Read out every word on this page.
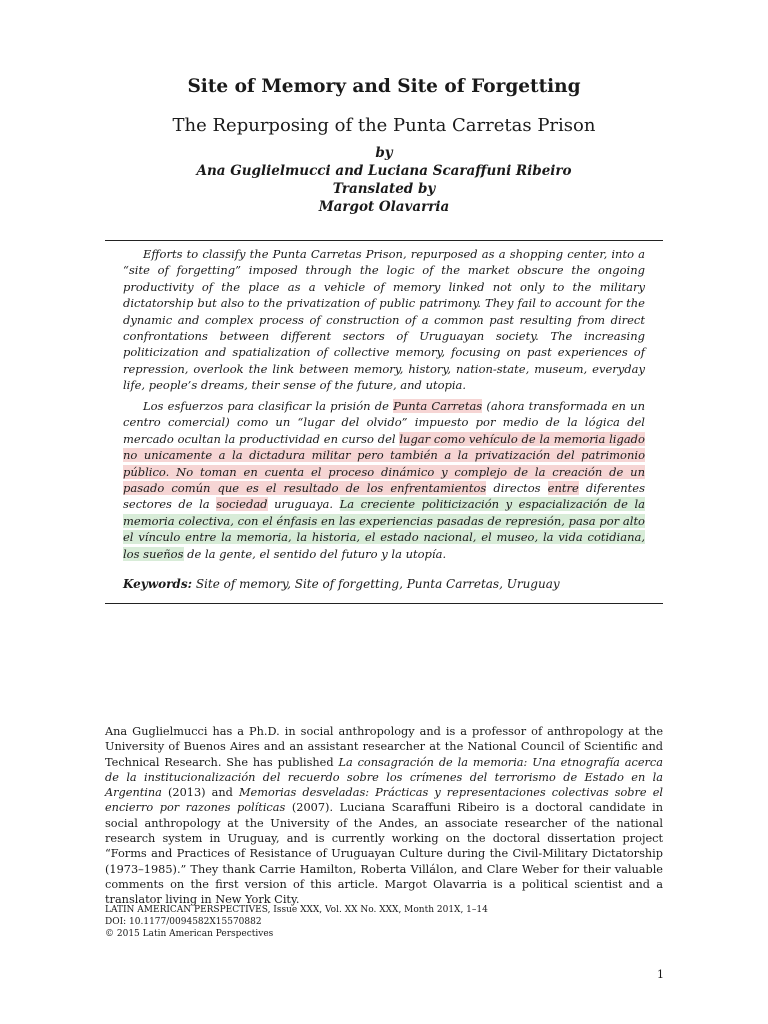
Site of Memory and Site of Forgetting
The Repurposing of the Punta Carretas Prison
by
Ana Guglielmucci and Luciana Scaraffuni Ribeiro
Translated by
Margot Olavarria

Efforts to classify the Punta Carretas Prison, repurposed as a shopping center, into a “site of forgetting” imposed through the logic of the market obscure the ongoing productivity of the place as a vehicle of memory linked not only to the military dictatorship but also to the privatization of public patrimony. They fail to account for the dynamic and complex process of construction of a common past resulting from direct confrontations between different sectors of Uruguayan society. The increasing politicization and spatialization of collective memory, focusing on past experiences of repression, overlook the link between memory, history, nation-state, museum, everyday life, people’s dreams, their sense of the future, and utopia.

Los esfuerzos para clasificar la prisión de Punta Carretas (ahora transformada en un centro comercial) como un “lugar del olvido” impuesto por medio de la lógica del mercado ocultan la productividad en curso del lugar como vehículo de la memoria ligado no unicamente a la dictadura militar pero también a la privatización del patrimonio público. No toman en cuenta el proceso dinámico y complejo de la creación de un pasado común que es el resultado de los enfrentamientos directos entre diferentes sectores de la sociedad uruguaya. La creciente politicización y espacialización de la memoria colectiva, con el énfasis en las experiencias pasadas de represión, pasa por alto el vínculo entre la memoria, la historia, el estado nacional, el museo, la vida cotidiana, los sueños de la gente, el sentido del futuro y la utopía.

Keywords: Site of memory, Site of forgetting, Punta Carretas, Uruguay

Ana Guglielmucci has a Ph.D. in social anthropology and is a professor of anthropology at the University of Buenos Aires and an assistant researcher at the National Council of Scientific and Technical Research. She has published La consagración de la memoria: Una etnografía acerca de la institucionalización del recuerdo sobre los crímenes del terrorismo de Estado en la Argentina (2013) and Memorias desveladas: Prácticas y representaciones colectivas sobre el encierro por razones políticas (2007). Luciana Scaraffuni Ribeiro is a doctoral candidate in social anthropology at the University of the Andes, an associate researcher of the national research system in Uruguay, and is currently working on the doctoral dissertation project “Forms and Practices of Resistance of Uruguayan Culture during the Civil-Military Dictatorship (1973–1985).” They thank Carrie Hamilton, Roberta Villálon, and Clare Weber for their valuable comments on the first version of this article. Margot Olavarria is a political scientist and a translator living in New York City.

LATIN AMERICAN PERSPECTIVES, Issue XXX, Vol. XX No. XXX, Month 201X, 1–14
DOI: 10.1177/0094582X15570882
© 2015 Latin American Perspectives
1
